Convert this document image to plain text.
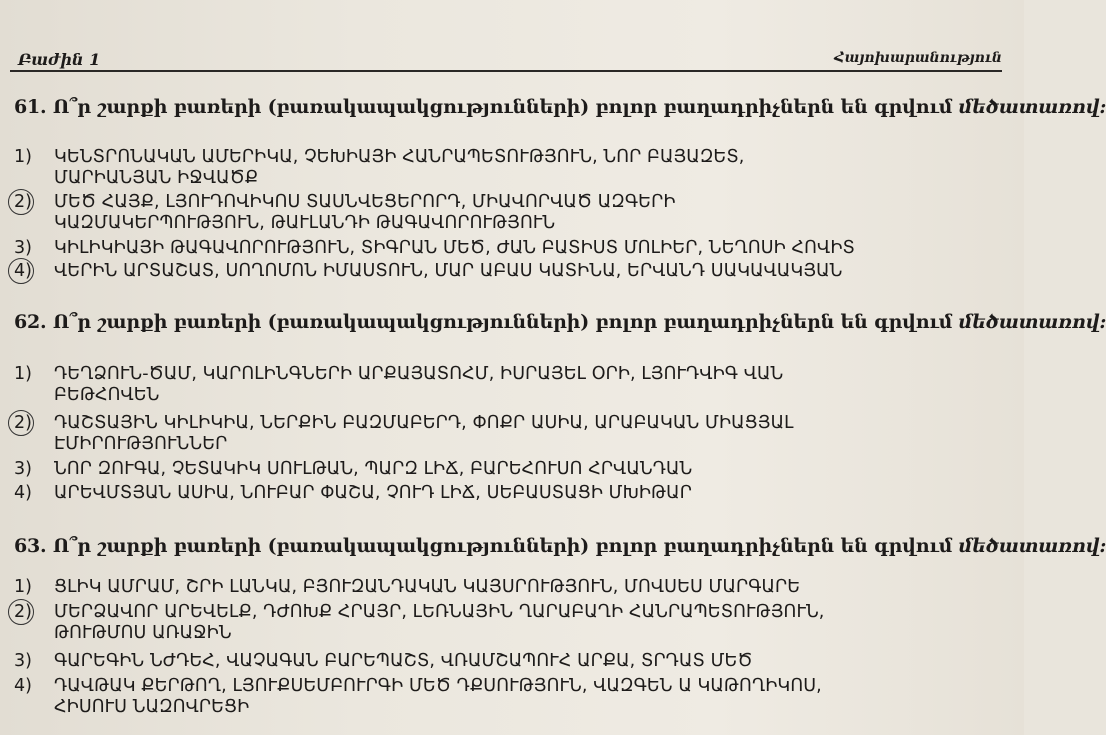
Բաժին 1	Հայոխարանություն
61. Ո՞ր շարքի բառերի (բառակապակցությունների) բոլոր բաղադրիչներն են գրվում մեծատառով:
1) ԿԵՆՏՐՈՆԱԿԱՆ ԱՄԵՐԻԿԱ, ՉԵԽԻԱՅԻ ՀԱՆՐԱՊԵՏՈՒԹՅՈՒՆ, ՆՈՐ ԲԱՅԱԶԵՏ,
ՄԱՐԻԱՆՅԱՆ ԻՋՎԱԾՔ
2) ՄԵԾ ՀԱՅՔ, ԼՅՈՒԴՈՎԻԿՈՍ ՏԱՍՆՎԵՑԵՐՈՐԴ, ՄԻԱՎՈՐՎԱԾ ԱԶԳԵՐԻ
ԿԱԶՄԱԿԵՐՊՈՒԹՅՈՒՆ, ԹԱՒԼԱՆԴԻ ԹԱԳԱՎՈՐՈՒԹՅՈՒՆ
3) ԿԻԼԻԿԻԱՅԻ ԹԱԳԱՎՈՐՈՒԹՅՈՒՆ, ՏԻԳՐԱՆ ՄԵԾ, ԺԱՆ ԲԱՏԻՍՏ ՄՈԼԻԵՐ, ՆԵՂՈՍԻ ՀՈՎԻՏ
4) ՎԵՐԻՆ ԱՐՏԱՇԱՏ, ՍՈՂՈՄՈՆ ԻՄԱՍՏՈՒՆ, ՄԱՐ ԱԲԱՍ ԿԱՏԻՆԱ, ԵՐՎԱՆԴ ՍԱԿԱՎԱԿՅԱՆ
62. Ո՞ր շարքի բառերի (բառակապակցությունների) բոլոր բաղադրիչներն են գրվում մեծատառով:
1) ԴԵՂՁՈՒՆ-ԾԱՄ, ԿԱՐՈԼԻՆԳՆԵՐԻ ԱՐՔԱՅԱՏՈՀՄ, ԻՍՐԱՅԵԼ ՕՐԻ, ԼՅՈՒԴՎԻԳ ՎԱՆ
ԲԵԹՀՈՎԵՆ
2) ԴԱՇՏԱՅԻՆ ԿԻԼԻԿԻԱ, ՆԵՐՔԻՆ ԲԱԶՄԱԲԵՐԴ, ՓՈՔՐ ԱՍԻԱ, ԱՐԱԲԱԿԱՆ ՄԻԱՑՅԱԼ
ԷՄԻՐՈՒԹՅՈՒՆՆԵՐ
3) ՆՈՐ ԶՈՒԳԱ, ՉԵՏԱԿԻԿ ՍՈՒԼԹԱՆ, ՊԱՐԶ ԼԻՃ, ԲԱՐԵՀՈՒՍՈ ՀՐՎԱՆԴԱՆ
4) ԱՐԵՎՄՏՅԱՆ ԱՍԻԱ, ՆՈՒԲԱՐ ՓԱՇԱ, ՉՈՒԴ ԼԻՃ, ՍԵԲԱՍՏԱՑԻ ՄԽԻԹԱՐ
63. Ո՞ր շարքի բառերի (բառակապակցությունների) բոլոր բաղադրիչներն են գրվում մեծատառով:
1) ՑԼԻԿ ԱՄՐԱՄ, ՇՐԻ ԼԱՆԿԱ, ԲՅՈՒԶԱՆԴԱԿԱՆ ԿԱՅՍՐՈՒԹՅՈՒՆ, ՄՈՎՍԵՍ ՄԱՐԳԱՐԵ
2) ՄԵՐՁԱՎՈՐ ԱՐԵՎԵԼՔ, ԴԺՈԽՔ ՀՐԱՅՐ, ԼԵՌՆԱՅԻՆ ՂԱՐԱԲԱՂԻ ՀԱՆՐԱՊԵՏՈՒԹՅՈՒՆ,
ԹՈՒԹՄՈՍ ԱՌԱՋԻՆ
3) ԳԱՐԵԳԻՆ ՆԺԴԵՀ, ՎԱՉԱԳԱՆ ԲԱՐԵՊԱՇՏ, ՎՌԱՄՇԱՊՈՒՀ ԱՐՔԱ, ՏՐԴԱՏ ՄԵԾ
4) ԴԱՎԹԱԿ ՔԵՐԹՈՂ, ԼՅՈՒՔՍԵՄԲՈՒՐԳԻ ՄԵԾ ԴՔՍՈՒԹՅՈՒՆ, ՎԱԶԳԵՆ Ա ԿԱԹՈՂԻԿՈՍ,
ՀԻՍՈՒՍ ՆԱԶՈՎՐԵՑԻ
